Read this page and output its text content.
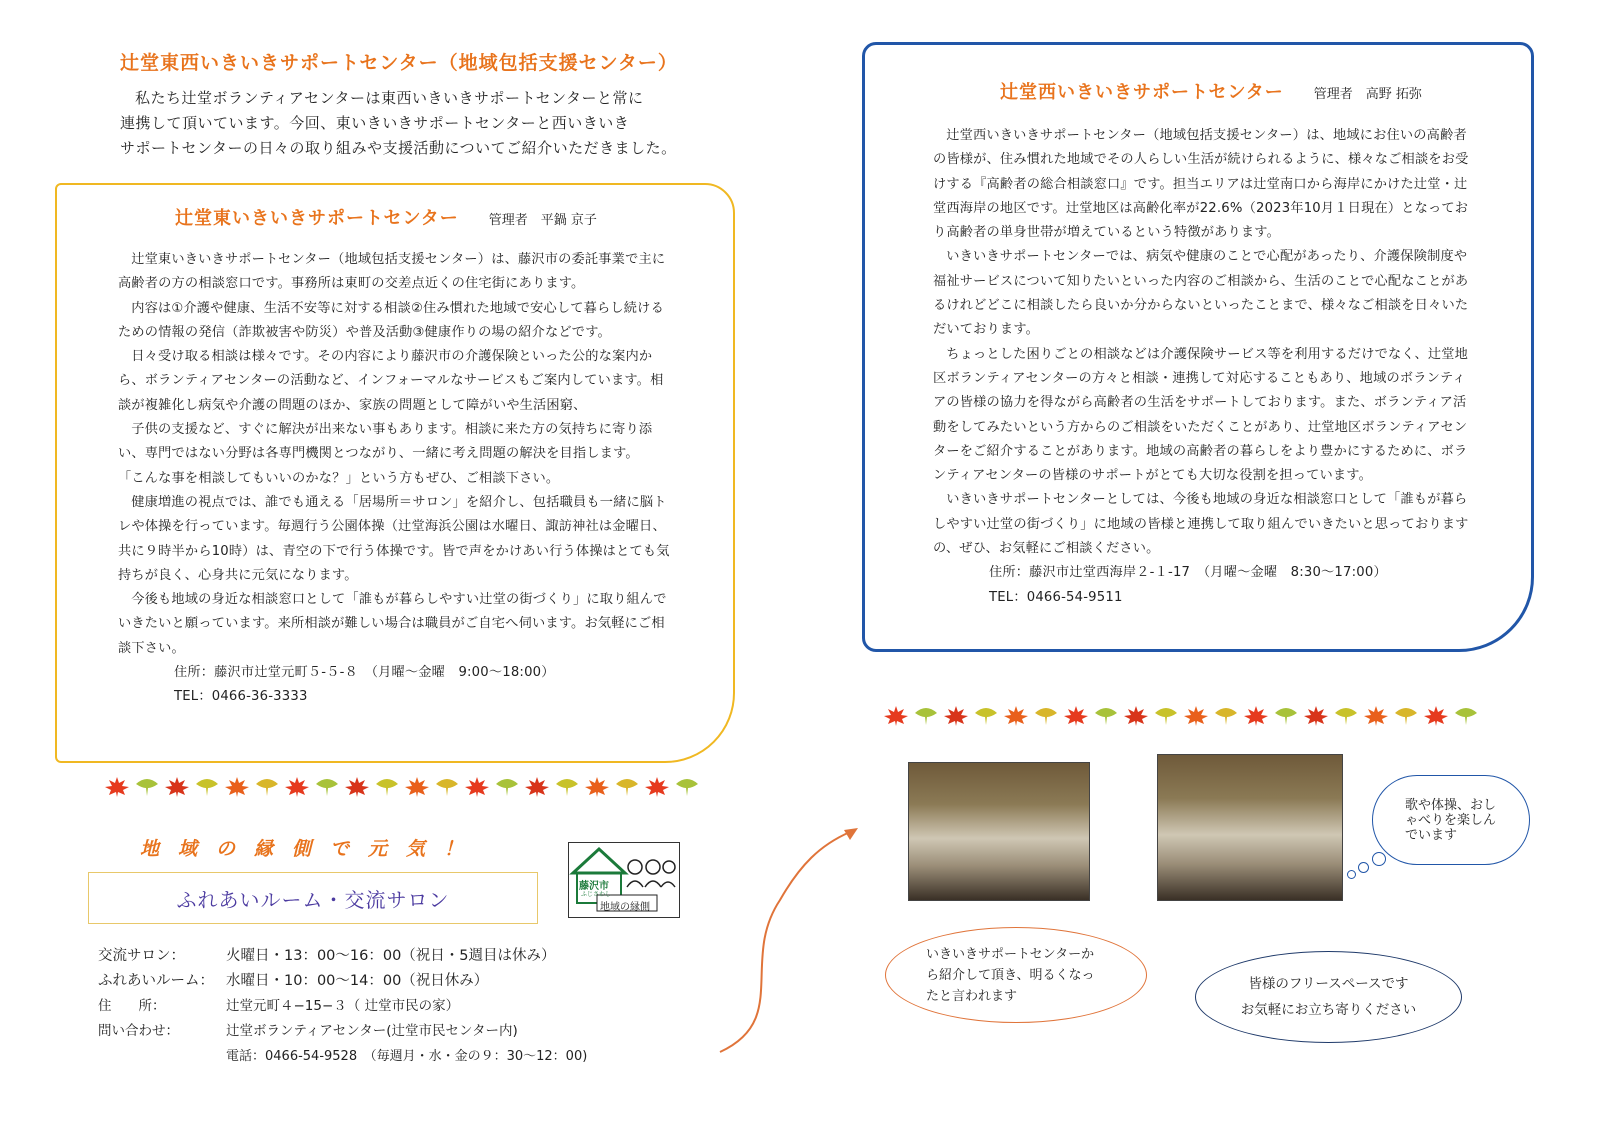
辻堂東西いきいきサポートセンター（地域包括支援センター）
私たち辻堂ボランティアセンターは東西いきいきサポートセンターと常に
連携して頂いています。今回、東いきいきサポートセンターと西いきいき
サポートセンターの日々の取り組みや支援活動についてご紹介いただきました。
辻堂東いきいきサポートセンター 管理者　平鍋 京子

辻堂東いきいきサポートセンター（地域包括支援センター）は、藤沢市の委託事業で主に高齢者の方の相談窓口です。事務所は東町の交差点近くの住宅街にあります。

内容は①介護や健康、生活不安等に対する相談②住み慣れた地域で安心して暮らし続けるための情報の発信（詐欺被害や防災）や普及活動③健康作りの場の紹介などです。

日々受け取る相談は様々です。その内容により藤沢市の介護保険といった公的な案内から、ボランティアセンターの活動など、インフォーマルなサービスもご案内しています。相談が複雑化し病気や介護の問題のほか、家族の問題として障がいや生活困窮、

子供の支援など、すぐに解決が出来ない事もあります。相談に来た方の気持ちに寄り添い、専門ではない分野は各専門機関とつながり、一緒に考え問題の解決を目指します。

「こんな事を相談してもいいのかな？」という方もぜひ、ご相談下さい。

健康増進の視点では、誰でも通える「居場所＝サロン」を紹介し、包括職員も一緒に脳トレや体操を行っています。毎週行う公園体操（辻堂海浜公園は水曜日、諏訪神社は金曜日、共に９時半から10時）は、青空の下で行う体操です。皆で声をかけあい行う体操はとても気持ちが良く、心身共に元気になります。

今後も地域の身近な相談窓口として「誰もが暮らしやすい辻堂の街づくり」に取り組んでいきたいと願っています。来所相談が難しい場合は職員がご自宅へ伺います。お気軽にご相談下さい。

住所：藤沢市辻堂元町５-５-８　（月曜～金曜　9:00～18:00）

TEL：0466-36-3333

辻堂西いきいきサポートセンター 管理者　高野 拓弥

辻堂西いきいきサポートセンター（地域包括支援センター）は、地域にお住いの高齢者の皆様が、住み慣れた地域でその人らしい生活が続けられるように、様々なご相談をお受けする『高齢者の総合相談窓口』です。担当エリアは辻堂南口から海岸にかけた辻堂・辻堂西海岸の地区です。辻堂地区は高齢化率が22.6%（2023年10月１日現在）となっており高齢者の単身世帯が増えているという特徴があります。

いきいきサポートセンターでは、病気や健康のことで心配があったり、介護保険制度や福祉サービスについて知りたいといった内容のご相談から、生活のことで心配なことがあるけれどどこに相談したら良いか分からないといったことまで、様々なご相談を日々いただいております。

ちょっとした困りごとの相談などは介護保険サービス等を利用するだけでなく、辻堂地区ボランティアセンターの方々と相談・連携して対応することもあり、地域のボランティアの皆様の協力を得ながら高齢者の生活をサポートしております。また、ボランティア活動をしてみたいという方からのご相談をいただくことがあり、辻堂地区ボランティアセンターをご紹介することがあります。地域の高齢者の暮らしをより豊かにするために、ボランティアセンターの皆様のサポートがとても大切な役割を担っています。

いきいきサポートセンターとしては、今後も地域の身近な相談窓口として「誰もが暮らしやすい辻堂の街づくり」に地域の皆様と連携して取り組んでいきたいと思っておりますの、ぜひ、お気軽にご相談ください。

住所：藤沢市辻堂西海岸２-１-17　（月曜～金曜　8:30～17:00）

TEL：0466-54-9511

地域の縁側で元気！
ふれあいルーム・交流サロン
藤沢市
ふじさわし
地域の縁側
交流サロン：	火曜日・13：00～16：00（祝日・5週目は休み）
ふれあいルーム： 水曜日・10：00～14：00（祝日休み）
住　　所：	辻堂元町４−15−３（ 辻堂市民の家）
問い合わせ：	辻堂ボランティアセンター(辻堂市民センター内)
電話：0466-54-9528　（毎週月・水・金の９：30～12：00)
いきいきサポートセンターから紹介して頂き、明るくなったと言われます
皆様のフリースペースです
お気軽にお立ち寄りください
歌や体操、おしゃべりを楽しんでいます
